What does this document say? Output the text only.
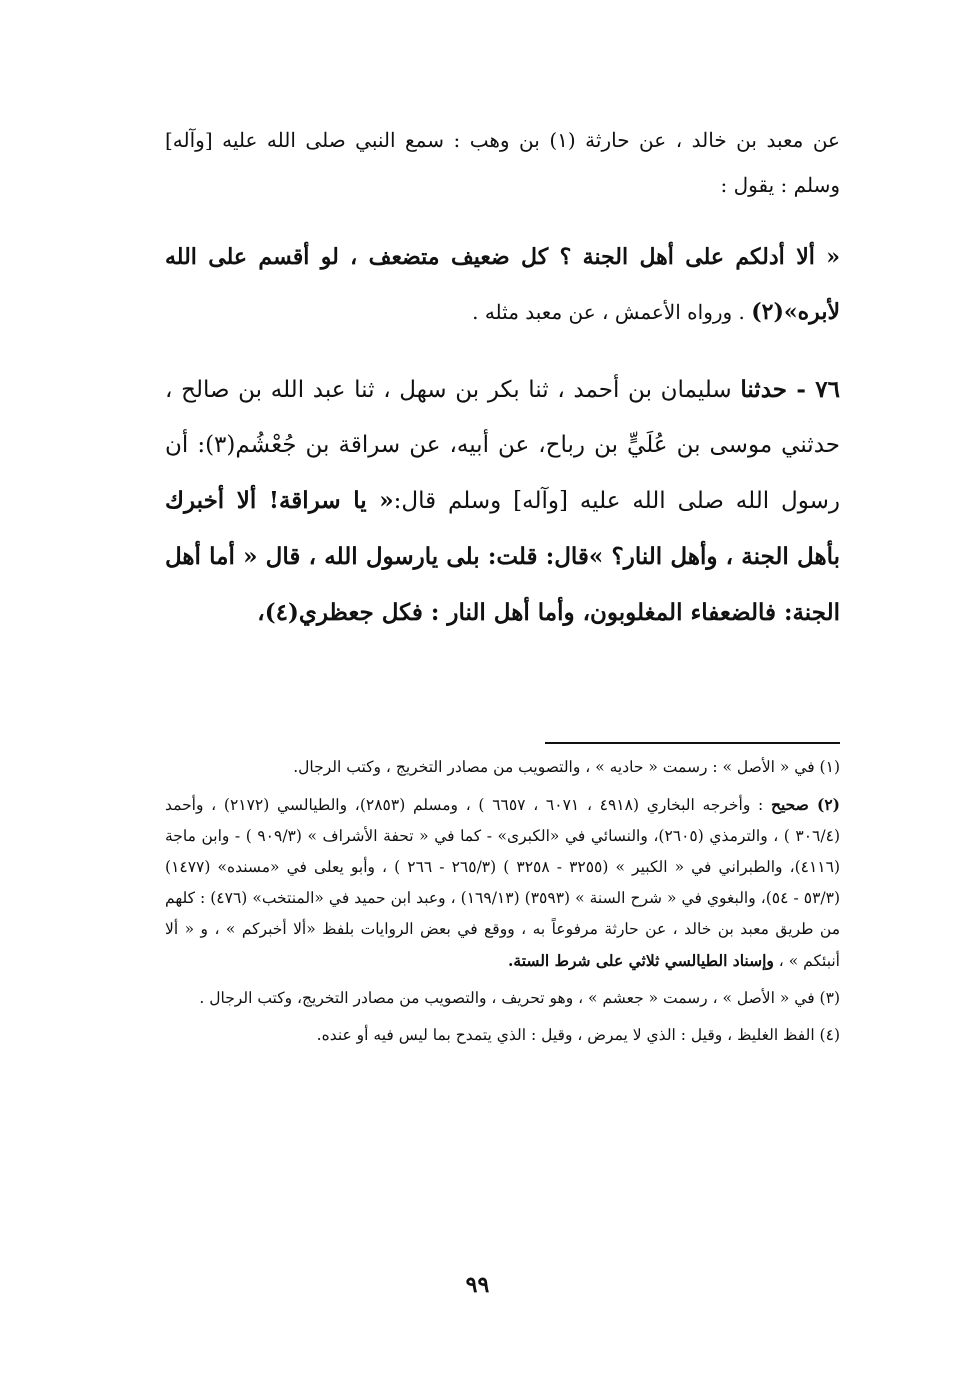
عن معبد بن خالد ، عن حارثة (١) بن وهب : سمع النبي صلى الله عليه [وآله] وسلم : يقول :

« ألا أدلكم على أهل الجنة ؟ كل ضعيف متضعف ، لو أقسم على الله لأبره»(٢) . ورواه الأعمش ، عن معبد مثله .

٧٦ - حدثنا سليمان بن أحمد ، ثنا بكر بن سهل ، ثنا عبد الله بن صالح ، حدثني موسى بن عُلَيٍّ بن رباح، عن أبيه، عن سراقة بن جُعْشُم(٣): أن رسول الله صلى الله عليه [وآله] وسلم قال:« يا سراقة! ألا أخبرك بأهل الجنة ، وأهل النار؟ »قال: قلت: بلى يارسول الله ، قال « أما أهل الجنة: فالضعفاء المغلوبون، وأما أهل النار : فكل جعظري(٤)،

(١) في « الأصل » : رسمت « حاديه » ، والتصويب من مصادر التخريج ، وكتب الرجال.

(٢) صحيح : وأخرجه البخاري (٤٩١٨ ، ٦٠٧١ ، ٦٦٥٧ ) ، ومسلم (٢٨٥٣)، والطيالسي (٢١٧٢) ، وأحمد (٣٠٦/٤ ) ، والترمذي (٢٦٠٥)، والنسائي في «الكبرى» - كما في « تحفة الأشراف » (٩٠٩/٣ ) - وابن ماجة (٤١١٦)، والطبراني في « الكبير » (٣٢٥٥ - ٣٢٥٨ ) (٢٦٥/٣ - ٢٦٦ ) ، وأبو يعلى في «مسنده» (١٤٧٧) (٥٣/٣ - ٥٤)، والبغوي في « شرح السنة » (٣٥٩٣) (١٦٩/١٣) ، وعبد ابن حميد في «المنتخب» (٤٧٦) : كلهم من طريق معبد بن خالد ، عن حارثة مرفوعاً به ، ووقع في بعض الروايات بلفظ «ألا أخبركم » ، و « ألا أنبئكم » ، وإسناد الطيالسي ثلاثي على شرط الستة.

(٣) في « الأصل » ، رسمت « جعشم » ، وهو تحريف ، والتصويب من مصادر التخريج، وكتب الرجال .

(٤) الفظ الغليظ ، وقيل : الذي لا يمرض ، وقيل : الذي يتمدح بما ليس فيه أو عنده.

٩٩
